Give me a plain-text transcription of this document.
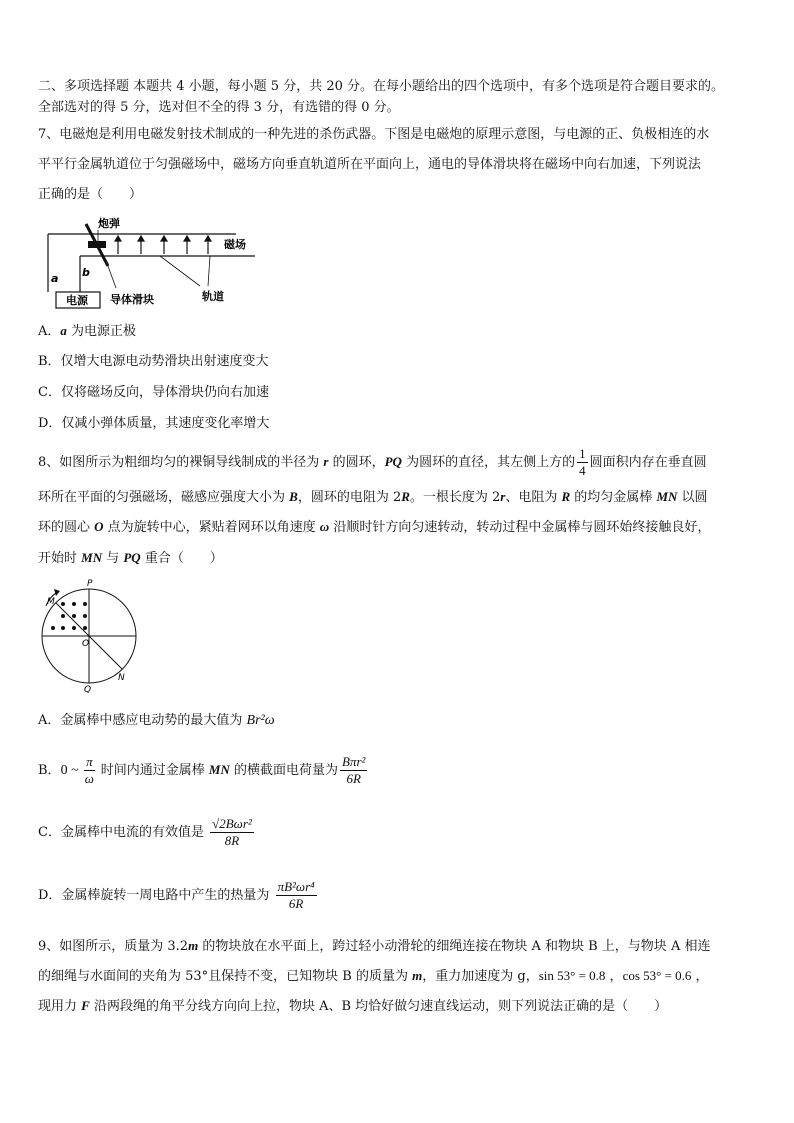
二、多项选择题 本题共 4 小题，每小题 5 分，共 20 分。在每小题给出的四个选项中，有多个选项是符合题目要求的。
全部选对的得 5 分，选对但不全的得 3 分，有选错的得 0 分。
7、电磁炮是利用电磁发射技术制成的一种先进的杀伤武器。下图是电磁炮的原理示意图，与电源的正、负极相连的水
平平行金属轨道位于匀强磁场中，磁场方向垂直轨道所在平面向上，通电的导体滑块将在磁场中向右加速，下列说法
正确的是（　　）
炮弹
磁场
a b
电源 导体滑块	轨道
A．a 为电源正极
B．仅增大电源电动势滑块出射速度变大
C．仅将磁场反向，导体滑块仍向右加速
D．仅减小弹体质量，其速度变化率增大
8、如图所示为粗细均匀的裸铜导线制成的半径为 r 的圆环，PQ 为圆环的直径，其左侧上方的 $\frac{1}{4}$ 圆面积内存在垂直圆
环所在平面的匀强磁场，磁感应强度大小为 B，圆环的电阻为 2R。一根长度为 2r、电阻为 R 的均匀金属棒 MN 以圆
环的圆心 O 点为旋转中心，紧贴着网环以角速度 ω 沿顺时针方向匀速转动，转动过程中金属棒与圆环始终接触良好，
开始时 MN 与 PQ 重合（　　）
P
M
O
Q
N
A．金属棒中感应电动势的最大值为 Br²ω
B．0 ~ $\frac{\pi}{\omega}$ 时间内通过金属棒 MN 的横截面电荷量为 $\frac{\text{Bπr²}}{6R}$
C．金属棒中电流的有效值是 $\frac{\text{√2Bωr²}}{8R}$
D．金属棒旋转一周电路中产生的热量为 $\frac{\text{πB²ωr⁴}}{6R}$
9、如图所示，质量为 3.2m 的物块放在水平面上，跨过轻小动滑轮的细绳连接在物块 A 和物块 B 上，与物块 A 相连
的细绳与水面间的夹角为 53°且保持不变，已知物块 B 的质量为 m，重力加速度为 g，sin 53° = 0.8 ，cos 53° = 0.6 ，
现用力 F 沿两段绳的角平分线方向向上拉，物块 A、B 均恰好做匀速直线运动，则下列说法正确的是（　　）
